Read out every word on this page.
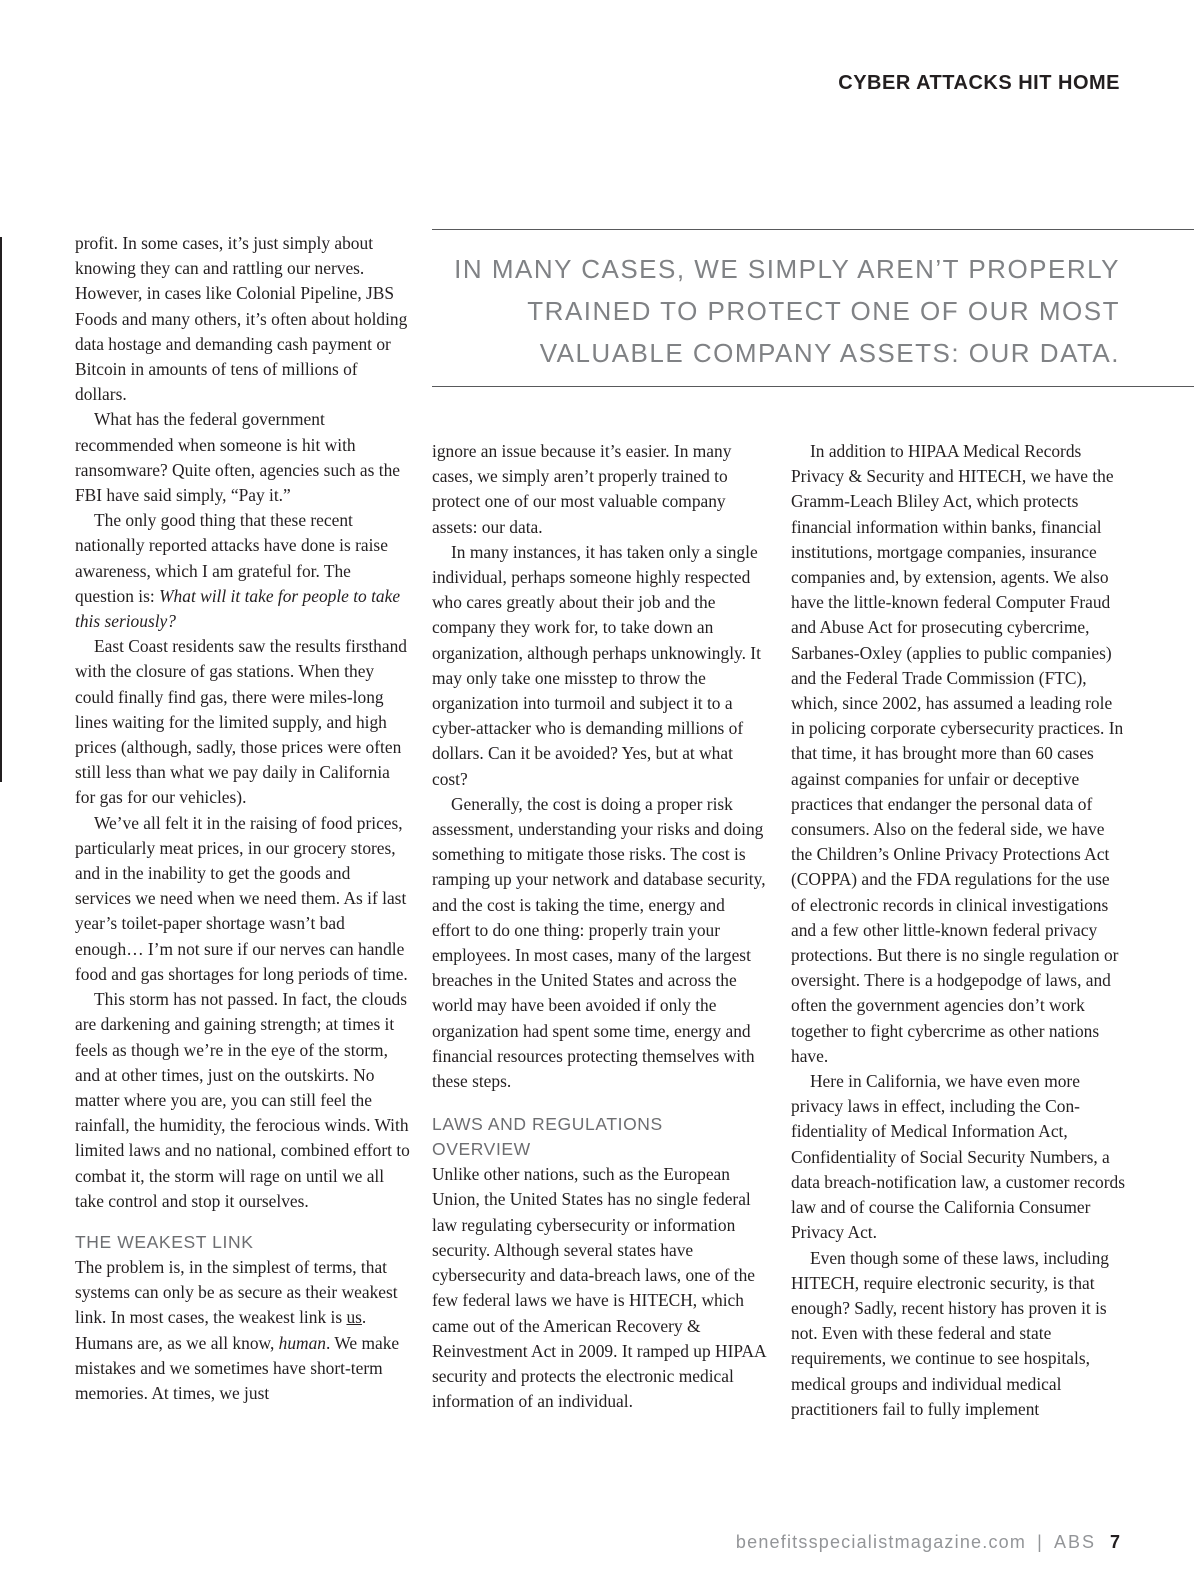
CYBER ATTACKS HIT HOME

profit. In some cases, it’s just simply about knowing they can and rattling our nerves. However, in cases like Colonial Pipeline, JBS Foods and many others, it’s often about holding data hostage and demanding cash payment or Bitcoin in amounts of tens of millions of dollars.

What has the federal government recommended when someone is hit with ransomware? Quite often, agencies such as the FBI have said simply, “Pay it.”

The only good thing that these recent nationally reported attacks have done is raise awareness, which I am grateful for. The question is: What will it take for people to take this seriously?

East Coast residents saw the results firsthand with the closure of gas stations. When they could finally find gas, there were miles-long lines waiting for the limited supply, and high prices (although, sadly, those prices were often still less than what we pay daily in California for gas for our vehicles).

We’ve all felt it in the raising of food prices, particularly meat prices, in our grocery stores, and in the inability to get the goods and services we need when we need them. As if last year’s toilet-paper shortage wasn’t bad enough… I’m not sure if our nerves can handle food and gas shortages for long periods of time.

This storm has not passed. In fact, the clouds are darkening and gaining strength; at times it feels as though we’re in the eye of the storm, and at other times, just on the outskirts. No matter where you are, you can still feel the rainfall, the humidity, the ferocious winds. With limited laws and no national, combined effort to combat it, the storm will rage on until we all take control and stop it ourselves.

THE WEAKEST LINK

The problem is, in the simplest of terms, that systems can only be as secure as their weakest link. In most cases, the weakest link is us. Humans are, as we all know, human. We make mistakes and we sometimes have short-term memories. At times, we just

IN MANY CASES, WE SIMPLY AREN’T PROPERLY
TRAINED TO PROTECT ONE OF OUR MOST
VALUABLE COMPANY ASSETS: OUR DATA.

ignore an issue because it’s easier. In many cases, we simply aren’t properly trained to protect one of our most valuable company assets: our data.

In many instances, it has taken only a single individual, perhaps someone highly respected who cares greatly about their job and the company they work for, to take down an organization, although perhaps unknowingly. It may only take one misstep to throw the organization into turmoil and subject it to a cyber-attacker who is demanding millions of dollars. Can it be avoided? Yes, but at what cost?

Generally, the cost is doing a proper risk assessment, understanding your risks and doing something to mitigate those risks. The cost is ramping up your network and database security, and the cost is taking the time, energy and effort to do one thing: properly train your employees. In most cases, many of the largest breaches in the United States and across the world may have been avoided if only the organization had spent some time, energy and financial resources protecting themselves with these steps.

LAWS AND REGULATIONS
OVERVIEW

Unlike other nations, such as the European Union, the United States has no single federal law regulating cybersecurity or information security. Although several states have cybersecurity and data-breach laws, one of the few federal laws we have is HITECH, which came out of the American Recovery & Reinvestment Act in 2009. It ramped up HIPAA security and protects the electronic medical information of an individual.

In addition to HIPAA Medical Records Privacy & Security and HITECH, we have the Gramm-Leach Bliley Act, which protects financial information within banks, financial institutions, mortgage companies, insurance companies and, by extension, agents. We also have the little-known federal Computer Fraud and Abuse Act for prosecuting cybercrime, Sarbanes-Oxley (applies to public companies) and the Federal Trade Commission (FTC), which, since 2002, has assumed a leading role in policing corporate cybersecurity practices. In that time, it has brought more than 60 cases against companies for unfair or deceptive practices that endanger the personal data of consumers. Also on the federal side, we have the Children’s Online Privacy Protections Act (COPPA) and the FDA regulations for the use of electronic records in clinical investigations and a few other little-known federal privacy protections. But there is no single regulation or oversight. There is a hodgepodge of laws, and often the government agencies don’t work together to fight cybercrime as other nations have.

Here in California, we have even more privacy laws in effect, including the Confidentiality of Medical Information Act, Confidentiality of Social Security Numbers, a data breach-notification law, a customer records law and of course the California Consumer Privacy Act.

Even though some of these laws, including HITECH, require electronic security, is that enough? Sadly, recent history has proven it is not. Even with these federal and state requirements, we continue to see hospitals, medical groups and individual medical practitioners fail to fully implement

benefitsspecialistmagazine.com | ABS 7
